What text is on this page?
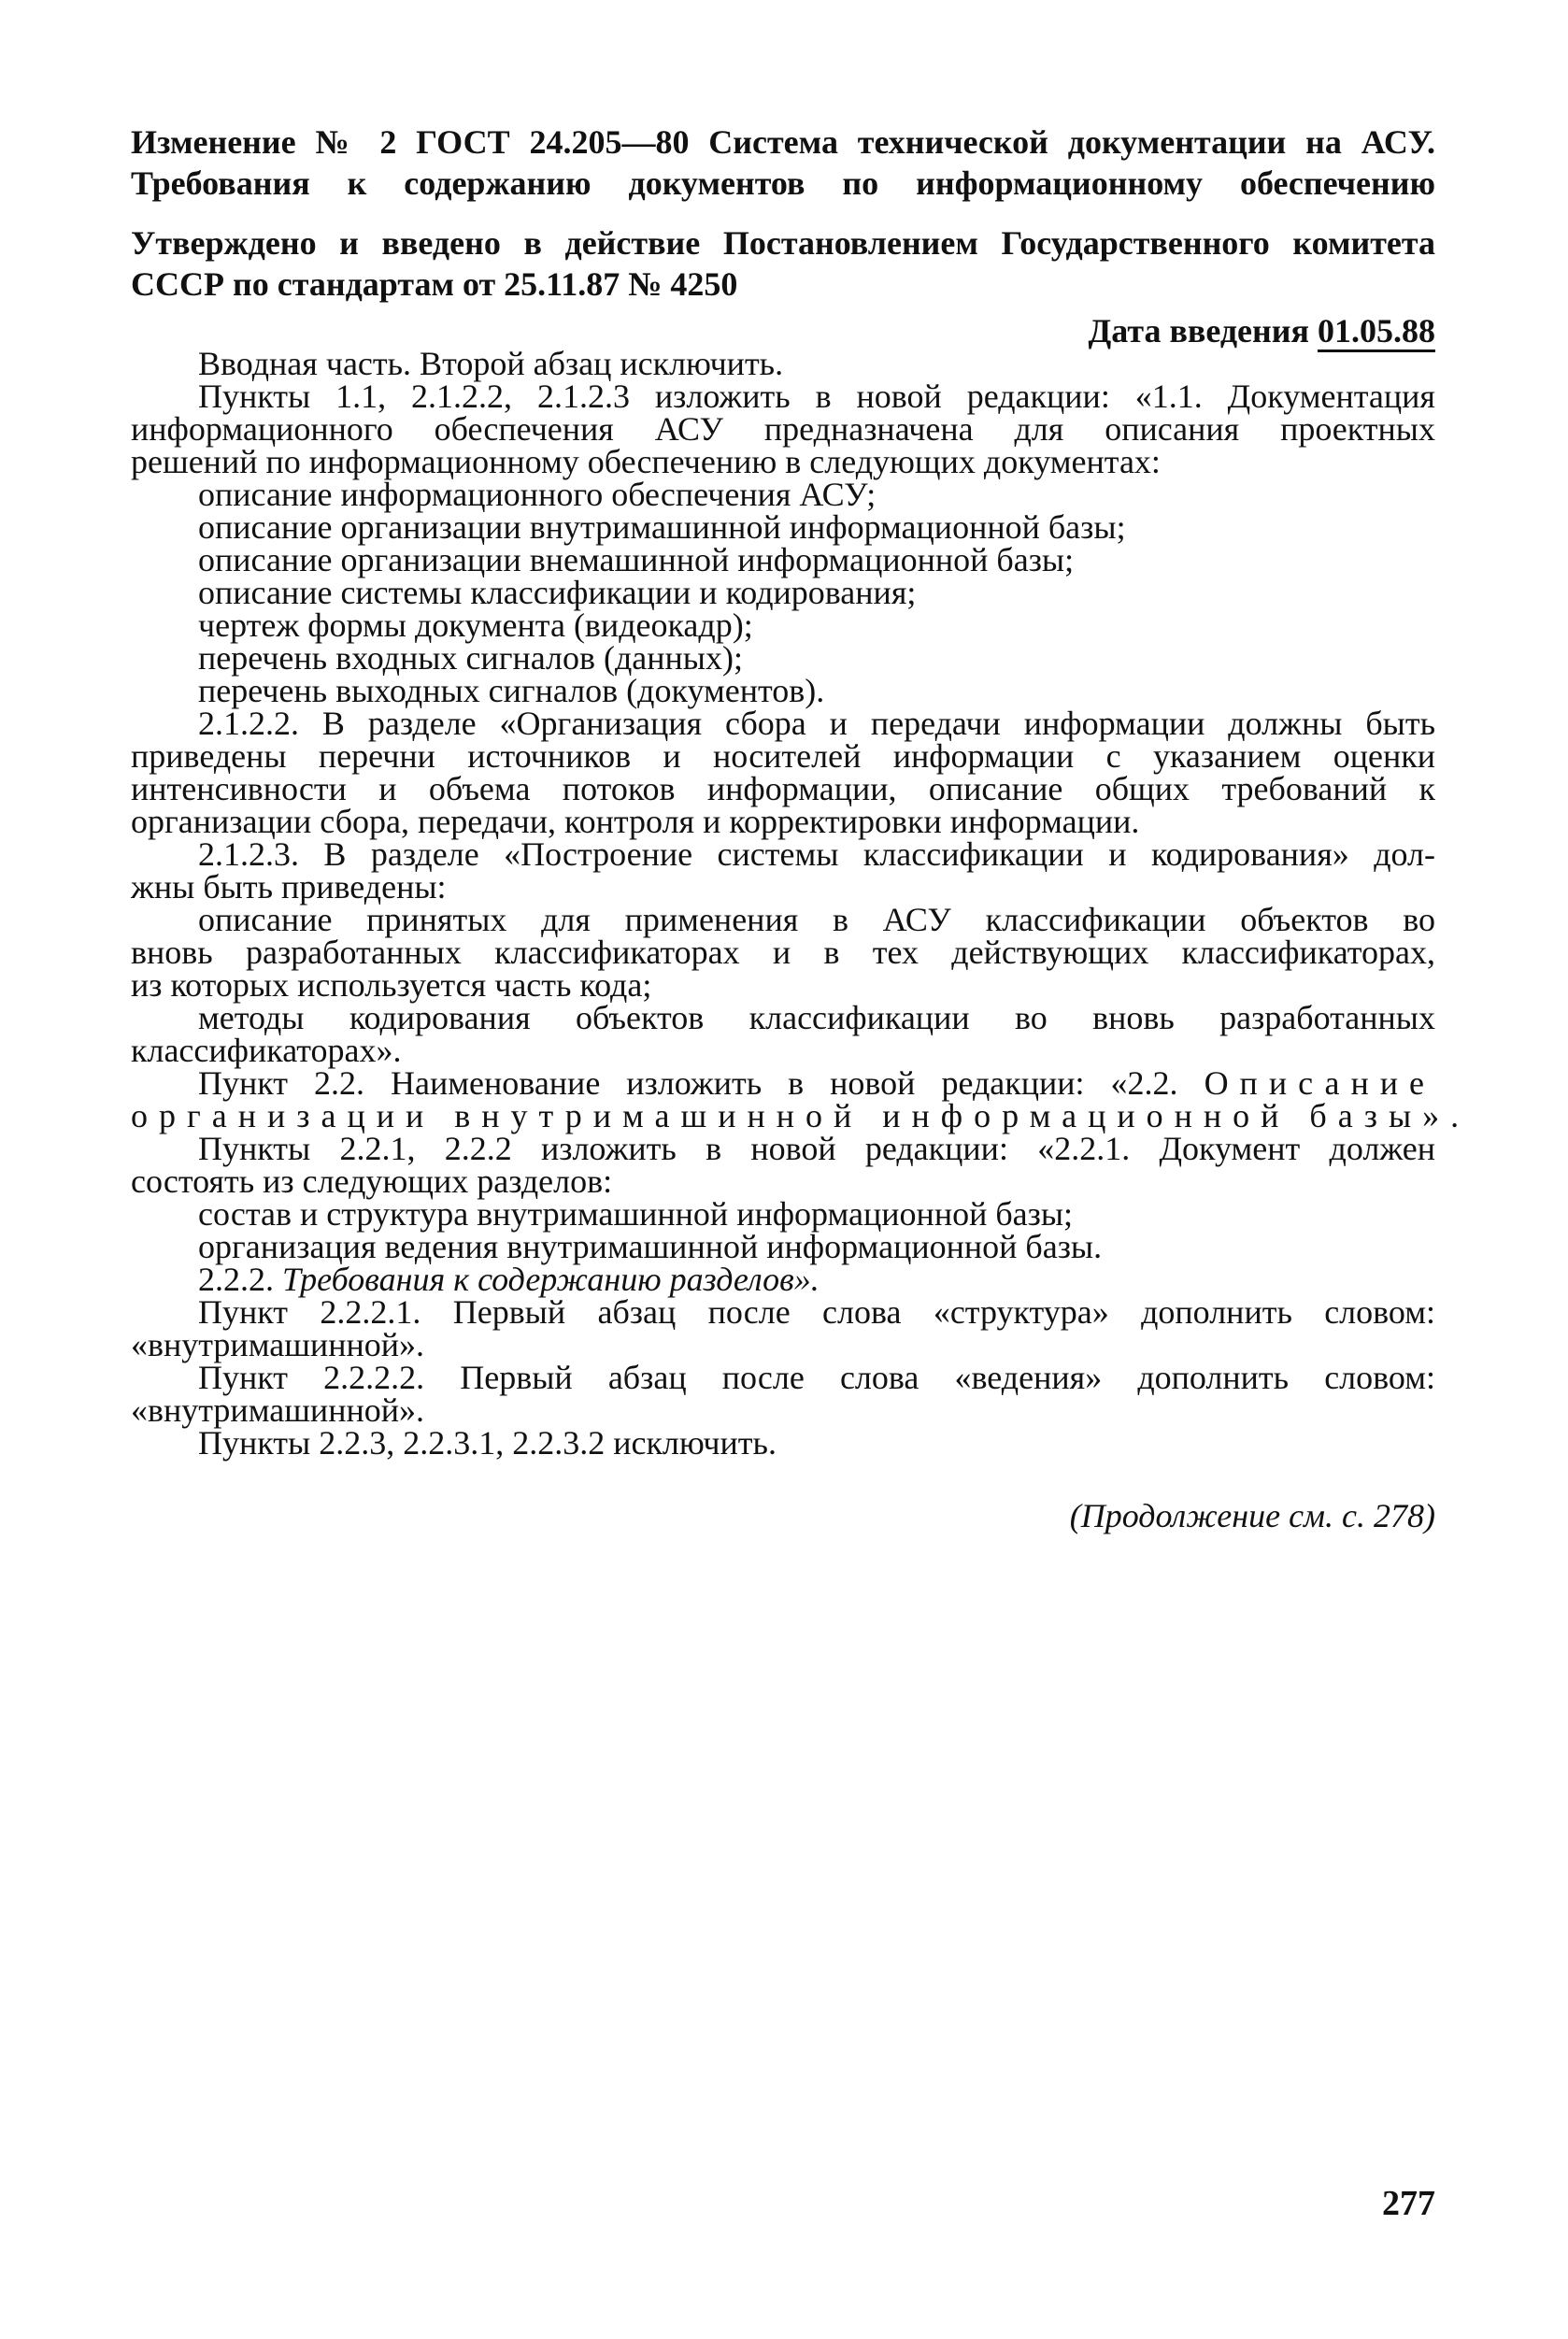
Изменение № 2 ГОСТ 24.205—80 Система технической документации на АСУ.
Требования к содержанию документов по информационному обеспечению
Утверждено и введено в действие Постановлением Государственного комитета
СССР по стандартам от 25.11.87 № 4250
Дата введения 01.05.88
Вводная часть. Второй абзац исключить.
Пункты 1.1, 2.1.2.2, 2.1.2.3 изложить в новой редакции: «1.1. Документация
информационного обеспечения АСУ предназначена для описания проектных
решений по информационному обеспечению в следующих документах:
описание информационного обеспечения АСУ;
описание организации внутримашинной информационной базы;
описание организации внемашинной информационной базы;
описание системы классификации и кодирования;
чертеж формы документа (видеокадр);
перечень входных сигналов (данных);
перечень выходных сигналов (документов).
2.1.2.2. В разделе «Организация сбора и передачи информации должны быть
приведены перечни источников и носителей информации с указанием оценки
интенсивности и объема потоков информации, описание общих требований к
организации сбора, передачи, контроля и корректировки информации.
2.1.2.3. В разделе «Построение системы классификации и кодирования» дол-
жны быть приведены:
описание принятых для применения в АСУ классификации объектов во
вновь разработанных классификаторах и в тех действующих классификаторах,
из которых используется часть кода;
методы кодирования объектов классификации во вновь разработанных
классификаторах».
Пункт 2.2. Наименование изложить в новой редакции: «2.2. Описание
организации внутримашинной информационной базы».
Пункты 2.2.1, 2.2.2 изложить в новой редакции: «2.2.1. Документ должен
состоять из следующих разделов:
состав и структура внутримашинной информационной базы;
организация ведения внутримашинной информационной базы.
2.2.2. Требования к содержанию разделов».
Пункт 2.2.2.1. Первый абзац после слова «структура» дополнить словом:
«внутримашинной».
Пункт 2.2.2.2. Первый абзац после слова «ведения» дополнить словом:
«внутримашинной».
Пункты 2.2.3, 2.2.3.1, 2.2.3.2 исключить.
(Продолжение см. с. 278)
277
